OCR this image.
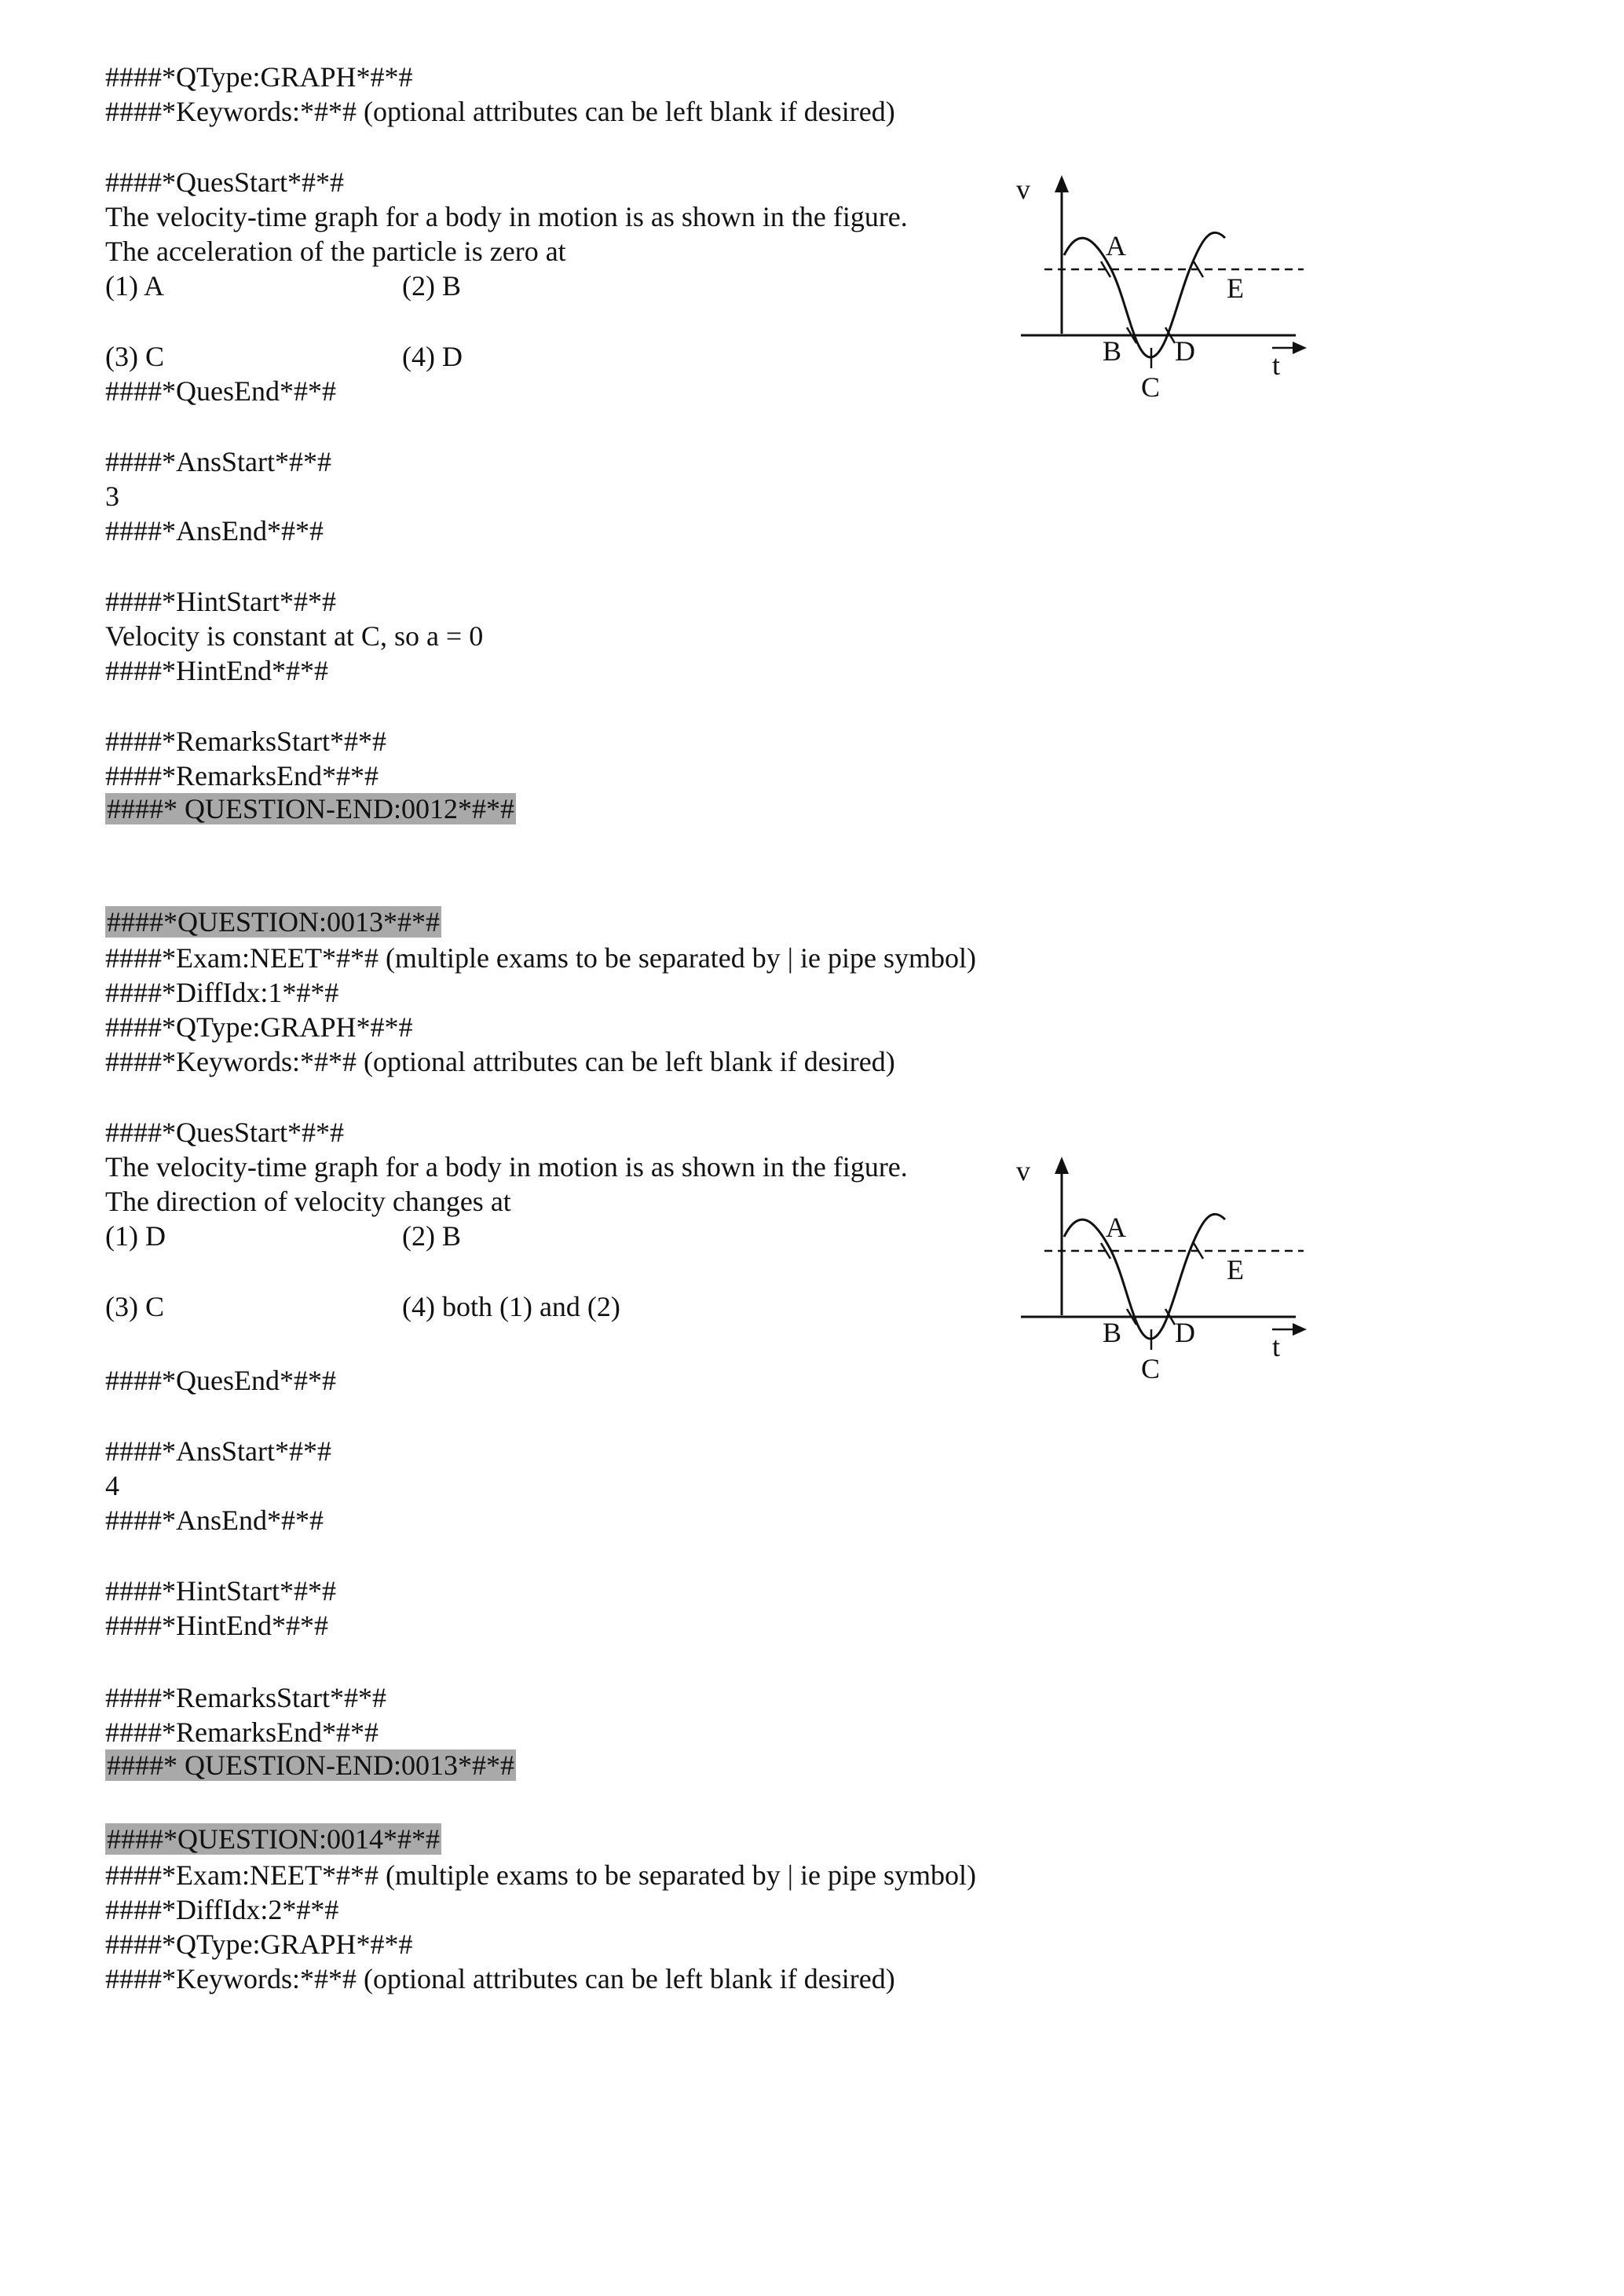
####*QType:GRAPH*#*#
####*Keywords:*#*# (optional attributes can be left blank if desired)
####*QuesStart*#*#
The velocity-time graph for a body in motion is as shown in the figure.
The acceleration of the particle is zero at
(1) A	(2) B
(3) C	(4) D
####*QuesEnd*#*#
####*AnsStart*#*#
3
####*AnsEnd*#*#
####*HintStart*#*#
Velocity is constant at C, so a = 0
####*HintEnd*#*#
####*RemarksStart*#*#
####*RemarksEnd*#*#
####* QUESTION-END:0012*#*#
v
A
B
C
D
E
t
####*QUESTION:0013*#*#
####*Exam:NEET*#*# (multiple exams to be separated by | ie pipe symbol)
####*DiffIdx:1*#*#
####*QType:GRAPH*#*#
####*Keywords:*#*# (optional attributes can be left blank if desired)
####*QuesStart*#*#
The velocity-time graph for a body in motion is as shown in the figure.
The direction of velocity changes at
(1) D	(2) B
(3) C	(4) both (1) and (2)
####*QuesEnd*#*#
####*AnsStart*#*#
4
####*AnsEnd*#*#
####*HintStart*#*#
####*HintEnd*#*#
####*RemarksStart*#*#
####*RemarksEnd*#*#
####* QUESTION-END:0013*#*#
v
A
B
C
D
E
t
####*QUESTION:0014*#*#
####*Exam:NEET*#*# (multiple exams to be separated by | ie pipe symbol)
####*DiffIdx:2*#*#
####*QType:GRAPH*#*#
####*Keywords:*#*# (optional attributes can be left blank if desired)
